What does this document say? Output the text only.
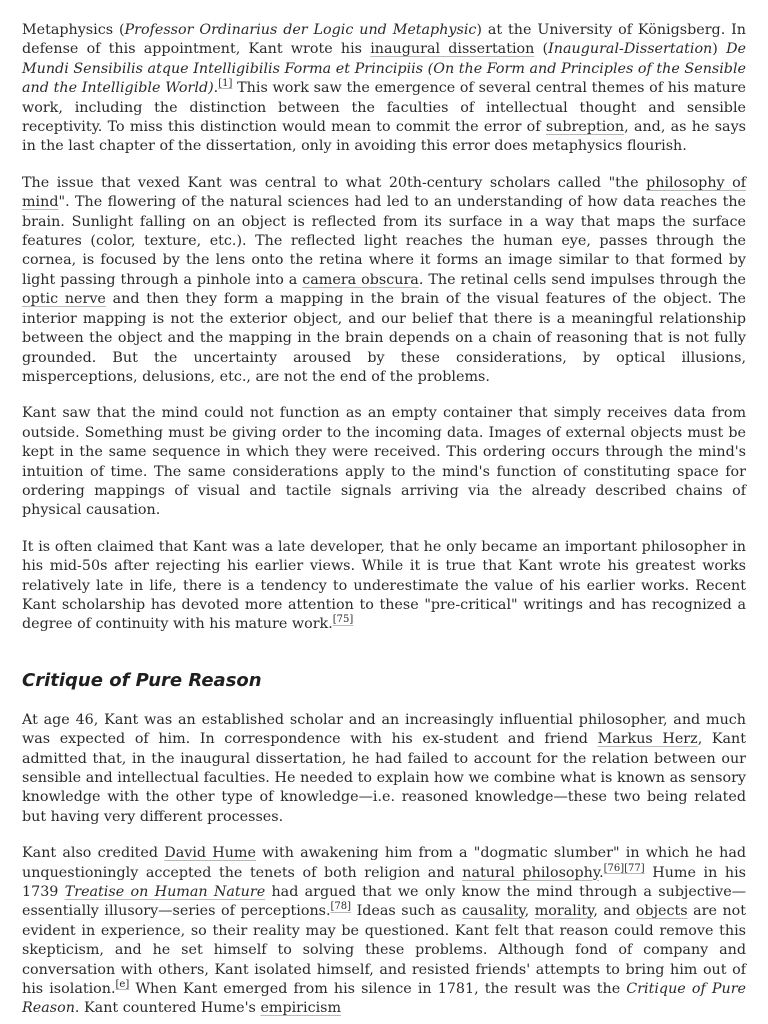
Metaphysics (Professor Ordinarius der Logic und Metaphysic) at the University of Königsberg. In defense of this appointment, Kant wrote his inaugural dissertation (Inaugural-Dissertation) De Mundi Sensibilis atque Intelligibilis Forma et Principiis (On the Form and Principles of the Sensible and the Intelligible World).[1] This work saw the emergence of several central themes of his mature work, including the distinction between the faculties of intellectual thought and sensible receptivity. To miss this distinction would mean to commit the error of subreption, and, as he says in the last chapter of the dissertation, only in avoiding this error does metaphysics flourish.

The issue that vexed Kant was central to what 20th-century scholars called "the philosophy of mind". The flowering of the natural sciences had led to an understanding of how data reaches the brain. Sunlight falling on an object is reflected from its surface in a way that maps the surface features (color, texture, etc.). The reflected light reaches the human eye, passes through the cornea, is focused by the lens onto the retina where it forms an image similar to that formed by light passing through a pinhole into a camera obscura. The retinal cells send impulses through the optic nerve and then they form a mapping in the brain of the visual features of the object. The interior mapping is not the exterior object, and our belief that there is a meaningful relationship between the object and the mapping in the brain depends on a chain of reasoning that is not fully grounded. But the uncertainty aroused by these considerations, by optical illusions, misperceptions, delusions, etc., are not the end of the problems.

Kant saw that the mind could not function as an empty container that simply receives data from outside. Something must be giving order to the incoming data. Images of external objects must be kept in the same sequence in which they were received. This ordering occurs through the mind's intuition of time. The same considerations apply to the mind's function of constituting space for ordering mappings of visual and tactile signals arriving via the already described chains of physical causation.

It is often claimed that Kant was a late developer, that he only became an important philosopher in his mid-50s after rejecting his earlier views. While it is true that Kant wrote his greatest works relatively late in life, there is a tendency to underestimate the value of his earlier works. Recent Kant scholarship has devoted more attention to these "pre-critical" writings and has recognized a degree of continuity with his mature work.[75]

Critique of Pure Reason

At age 46, Kant was an established scholar and an increasingly influential philosopher, and much was expected of him. In correspondence with his ex-student and friend Markus Herz, Kant admitted that, in the inaugural dissertation, he had failed to account for the relation between our sensible and intellectual faculties. He needed to explain how we combine what is known as sensory knowledge with the other type of knowledge—i.e. reasoned knowledge—these two being related but having very different processes.

Kant also credited David Hume with awakening him from a "dogmatic slumber" in which he had unquestioningly accepted the tenets of both religion and natural philosophy.[76][77] Hume in his 1739 Treatise on Human Nature had argued that we only know the mind through a subjective—essentially illusory—series of perceptions.[78] Ideas such as causality, morality, and objects are not evident in experience, so their reality may be questioned. Kant felt that reason could remove this skepticism, and he set himself to solving these problems. Although fond of company and conversation with others, Kant isolated himself, and resisted friends' attempts to bring him out of his isolation.[e] When Kant emerged from his silence in 1781, the result was the Critique of Pure Reason. Kant countered Hume's empiricism
